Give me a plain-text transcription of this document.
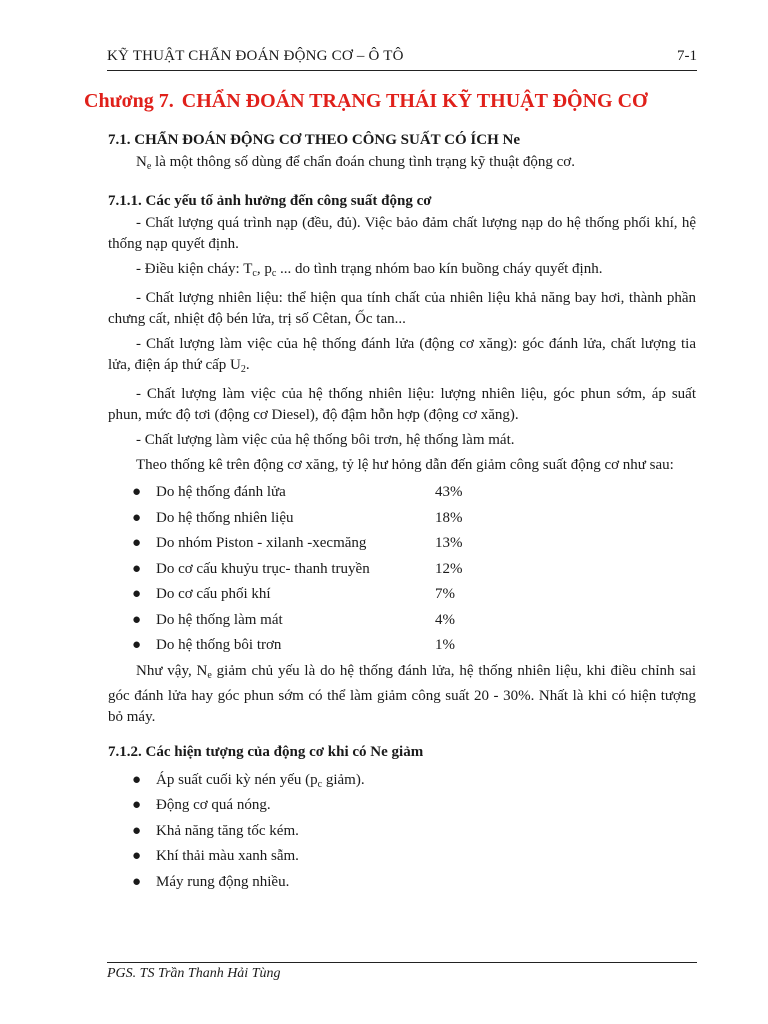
KỸ THUẬT CHẨN ĐOÁN ĐỘNG CƠ – Ô TÔ	7-1
Chương 7. CHẨN ĐOÁN TRẠNG THÁI KỸ THUẬT ĐỘNG CƠ
7.1. CHẨN ĐOÁN ĐỘNG CƠ THEO CÔNG SUẤT CÓ ÍCH Ne

$N_e$ là một thông số dùng để chẩn đoán chung tình trạng kỹ thuật động cơ.

7.1.1. Các yếu tố ảnh hưởng đến công suất động cơ

- Chất lượng quá trình nạp (đều, đủ). Việc bảo đảm chất lượng nạp do hệ thống phối khí, hệ thống nạp quyết định.

- Điều kiện cháy: $T_c$, $p_c$ ... do tình trạng nhóm bao kín buồng cháy quyết định.

- Chất lượng nhiên liệu: thể hiện qua tính chất của nhiên liệu khả năng bay hơi, thành phần chưng cất, nhiệt độ bén lửa, trị số Cêtan, Ốc tan...

- Chất lượng làm việc của hệ thống đánh lửa (động cơ xăng): góc đánh lửa, chất lượng tia lửa, điện áp thứ cấp $U_2$.

- Chất lượng làm việc của hệ thống nhiên liệu: lượng nhiên liệu, góc phun sớm, áp suất phun, mức độ tơi (động cơ Diesel), độ đậm hỗn hợp (động cơ xăng).

- Chất lượng làm việc của hệ thống bôi trơn, hệ thống làm mát.

Theo thống kê trên động cơ xăng, tỷ lệ hư hỏng dẫn đến giảm công suất động cơ như sau:

● Do hệ thống đánh lửa	43%
● Do hệ thống nhiên liệu	18%
● Do nhóm Piston - xilanh -xecmăng	13%
● Do cơ cấu khuỷu trục- thanh truyền	12%
● Do cơ cấu phối khí	7%
● Do hệ thống làm mát	4%
● Do hệ thống bôi trơn	1%

Như vậy, $N_e$ giảm chủ yếu là do hệ thống đánh lửa, hệ thống nhiên liệu, khi điều chỉnh sai góc đánh lửa hay góc phun sớm có thể làm giảm công suất 20 - 30%. Nhất là khi có hiện tượng bỏ máy.

7.1.2. Các hiện tượng của động cơ khi có Ne giảm
● Áp suất cuối kỳ nén yếu ($p_c$ giảm).
● Động cơ quá nóng.
● Khả năng tăng tốc kém.
● Khí thải màu xanh sẫm.
● Máy rung động nhiều.
PGS. TS Trần Thanh Hải Tùng
